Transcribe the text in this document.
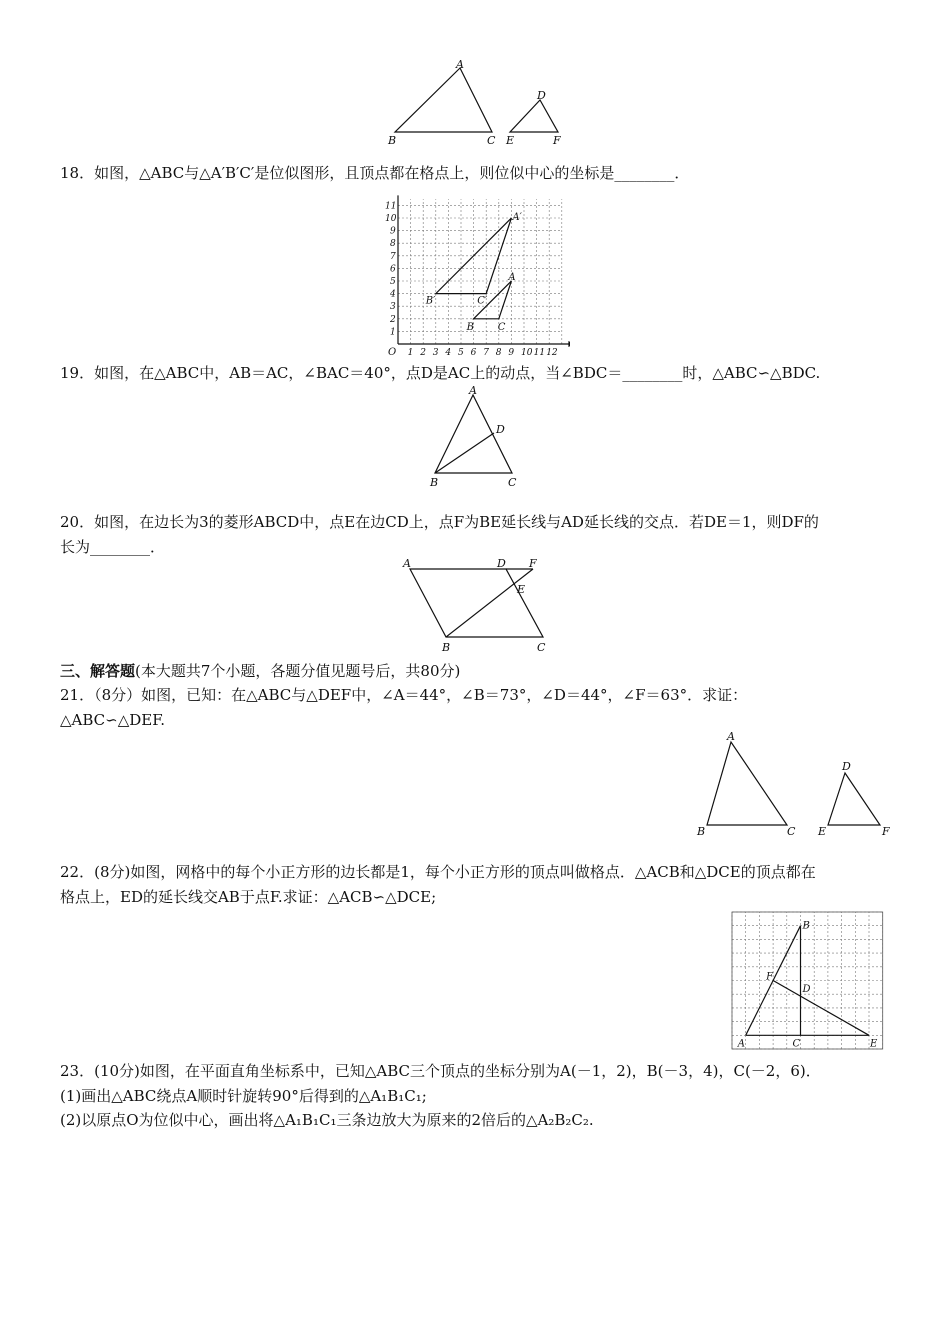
A
B	C
D
E	F
18．如图，△ABC与△A′B′C′是位似图形，且顶点都在格点上，则位似中心的坐标是________．
1 2 3 4 5 6 7 8 9 10 11 12
1
2
3
4
5
6
7
8
9
10
11
O
A′
B′	C′
A
B C
19．如图，在△ABC中，AB＝AC，∠BAC＝40°，点D是AC上的动点，当∠BDC＝________时，△ABC∽△BDC.
A
B	C
D
20．如图，在边长为3的菱形ABCD中，点E在边CD上，点F为BE延长线与AD延长线的交点．若DE＝1，则DF的
长为________．
A	D F
E
B	C
三、解答题(本大题共7个小题，各题分值见题号后，共80分)
21．（8分）如图，已知：在△ABC与△DEF中，∠A＝44°，∠B＝73°，∠D＝44°，∠F＝63°．求证：
△ABC∽△DEF.
A
B	C
D
E	F
22．(8分)如图，网格中的每个小正方形的边长都是1，每个小正方形的顶点叫做格点．△ACB和△DCE的顶点都在
格点上，ED的延长线交AB于点F.求证：△ACB∽△DCE;
B
F
D
A	C	E
23．(10分)如图，在平面直角坐标系中，已知△ABC三个顶点的坐标分别为A(－1，2)，B(－3，4)，C(－2，6)．
(1)画出△ABC绕点A顺时针旋转90°后得到的△A₁B₁C₁;
(2)以原点O为位似中心，画出将△A₁B₁C₁三条边放大为原来的2倍后的△A₂B₂C₂.
